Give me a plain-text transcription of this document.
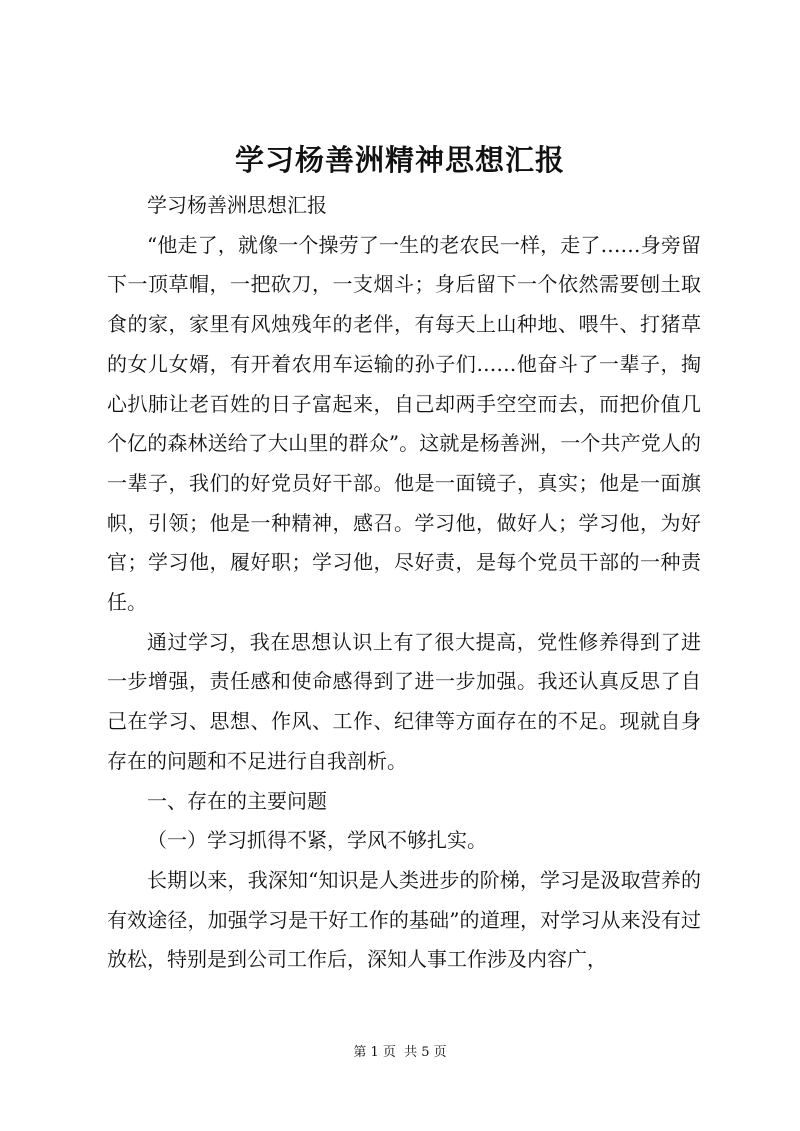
学习杨善洲精神思想汇报

学习杨善洲思想汇报

“他走了，就像一个操劳了一生的老农民一样，走了……身旁留下一顶草帽，一把砍刀，一支烟斗；身后留下一个依然需要刨土取食的家，家里有风烛残年的老伴，有每天上山种地、喂牛、打猪草的女儿女婿，有开着农用车运输的孙子们……他奋斗了一辈子，掏心扒肺让老百姓的日子富起来，自己却两手空空而去，而把价值几个亿的森林送给了大山里的群众”。这就是杨善洲，一个共产党人的一辈子，我们的好党员好干部。他是一面镜子，真实；他是一面旗帜，引领；他是一种精神，感召。学习他，做好人；学习他，为好官；学习他，履好职；学习他，尽好责，是每个党员干部的一种责任。

通过学习，我在思想认识上有了很大提高，党性修养得到了进一步增强，责任感和使命感得到了进一步加强。我还认真反思了自己在学习、思想、作风、工作、纪律等方面存在的不足。现就自身存在的问题和不足进行自我剖析。

一、存在的主要问题

（一）学习抓得不紧，学风不够扎实。

长期以来，我深知“知识是人类进步的阶梯，学习是汲取营养的有效途径，加强学习是干好工作的基础”的道理，对学习从来没有过放松，特别是到公司工作后，深知人事工作涉及内容广，

第 1 页 共 5 页
